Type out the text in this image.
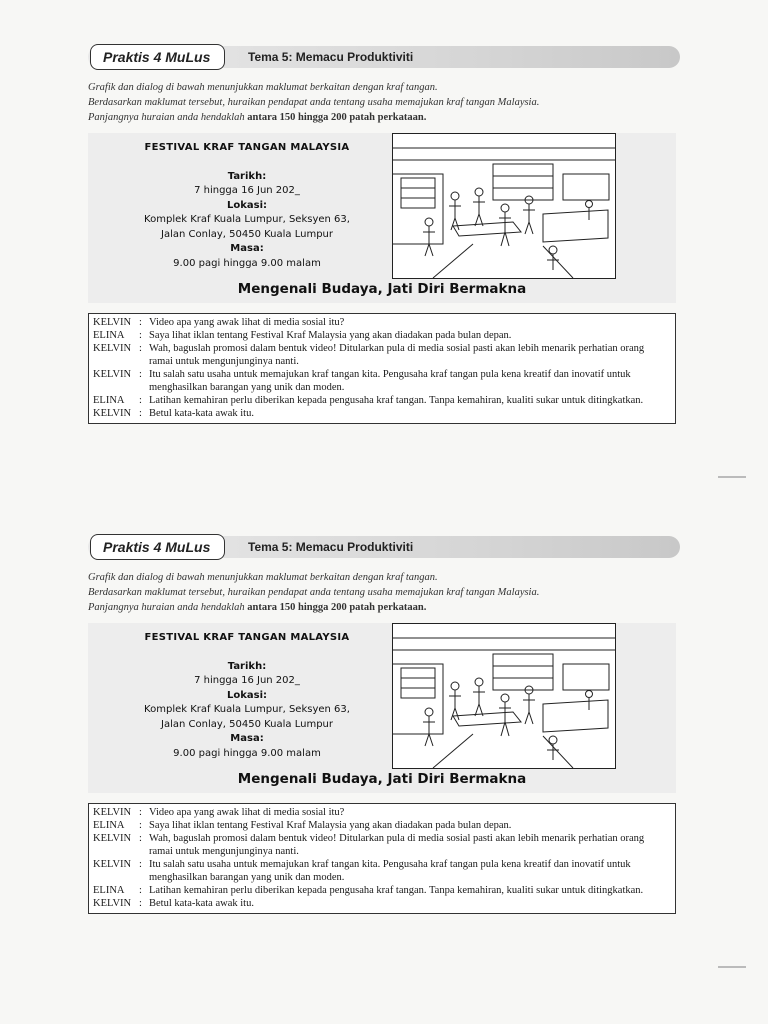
Praktis 4 MuLus	Tema 5: Memacu Produktiviti
Grafik dan dialog di bawah menunjukkan maklumat berkaitan dengan kraf tangan.
Berdasarkan maklumat tersebut, huraikan pendapat anda tentang usaha memajukan kraf tangan Malaysia.
Panjangnya huraian anda hendaklah antara 150 hingga 200 patah perkataan.
FESTIVAL KRAF TANGAN MALAYSIA
Tarikh:
7 hingga 16 Jun 202_
Lokasi:
Komplek Kraf Kuala Lumpur, Seksyen 63,
Jalan Conlay, 50450 Kuala Lumpur
Masa:
9.00 pagi hingga 9.00 malam
Mengenali Budaya, Jati Diri Bermakna
KELVIN : Video apa yang awak lihat di media sosial itu?
ELINA	: Saya lihat iklan tentang Festival Kraf Malaysia yang akan diadakan pada bulan depan.
KELVIN : Wah, baguslah promosi dalam bentuk video! Ditularkan pula di media sosial pasti akan lebih menarik perhatian orang ramai untuk mengunjunginya nanti.
KELVIN : Itu salah satu usaha untuk memajukan kraf tangan kita. Pengusaha kraf tangan pula kena kreatif dan inovatif untuk menghasilkan barangan yang unik dan moden.
ELINA	: Latihan kemahiran perlu diberikan kepada pengusaha kraf tangan. Tanpa kemahiran, kualiti sukar untuk ditingkatkan.
KELVIN : Betul kata-kata awak itu.
Praktis 4 MuLus	Tema 5: Memacu Produktiviti
Grafik dan dialog di bawah menunjukkan maklumat berkaitan dengan kraf tangan.
Berdasarkan maklumat tersebut, huraikan pendapat anda tentang usaha memajukan kraf tangan Malaysia.
Panjangnya huraian anda hendaklah antara 150 hingga 200 patah perkataan.
FESTIVAL KRAF TANGAN MALAYSIA
Tarikh:
7 hingga 16 Jun 202_
Lokasi:
Komplek Kraf Kuala Lumpur, Seksyen 63,
Jalan Conlay, 50450 Kuala Lumpur
Masa:
9.00 pagi hingga 9.00 malam
Mengenali Budaya, Jati Diri Bermakna
KELVIN : Video apa yang awak lihat di media sosial itu?
ELINA	: Saya lihat iklan tentang Festival Kraf Malaysia yang akan diadakan pada bulan depan.
KELVIN : Wah, baguslah promosi dalam bentuk video! Ditularkan pula di media sosial pasti akan lebih menarik perhatian orang ramai untuk mengunjunginya nanti.
KELVIN : Itu salah satu usaha untuk memajukan kraf tangan kita. Pengusaha kraf tangan pula kena kreatif dan inovatif untuk menghasilkan barangan yang unik dan moden.
ELINA	: Latihan kemahiran perlu diberikan kepada pengusaha kraf tangan. Tanpa kemahiran, kualiti sukar untuk ditingkatkan.
KELVIN : Betul kata-kata awak itu.
